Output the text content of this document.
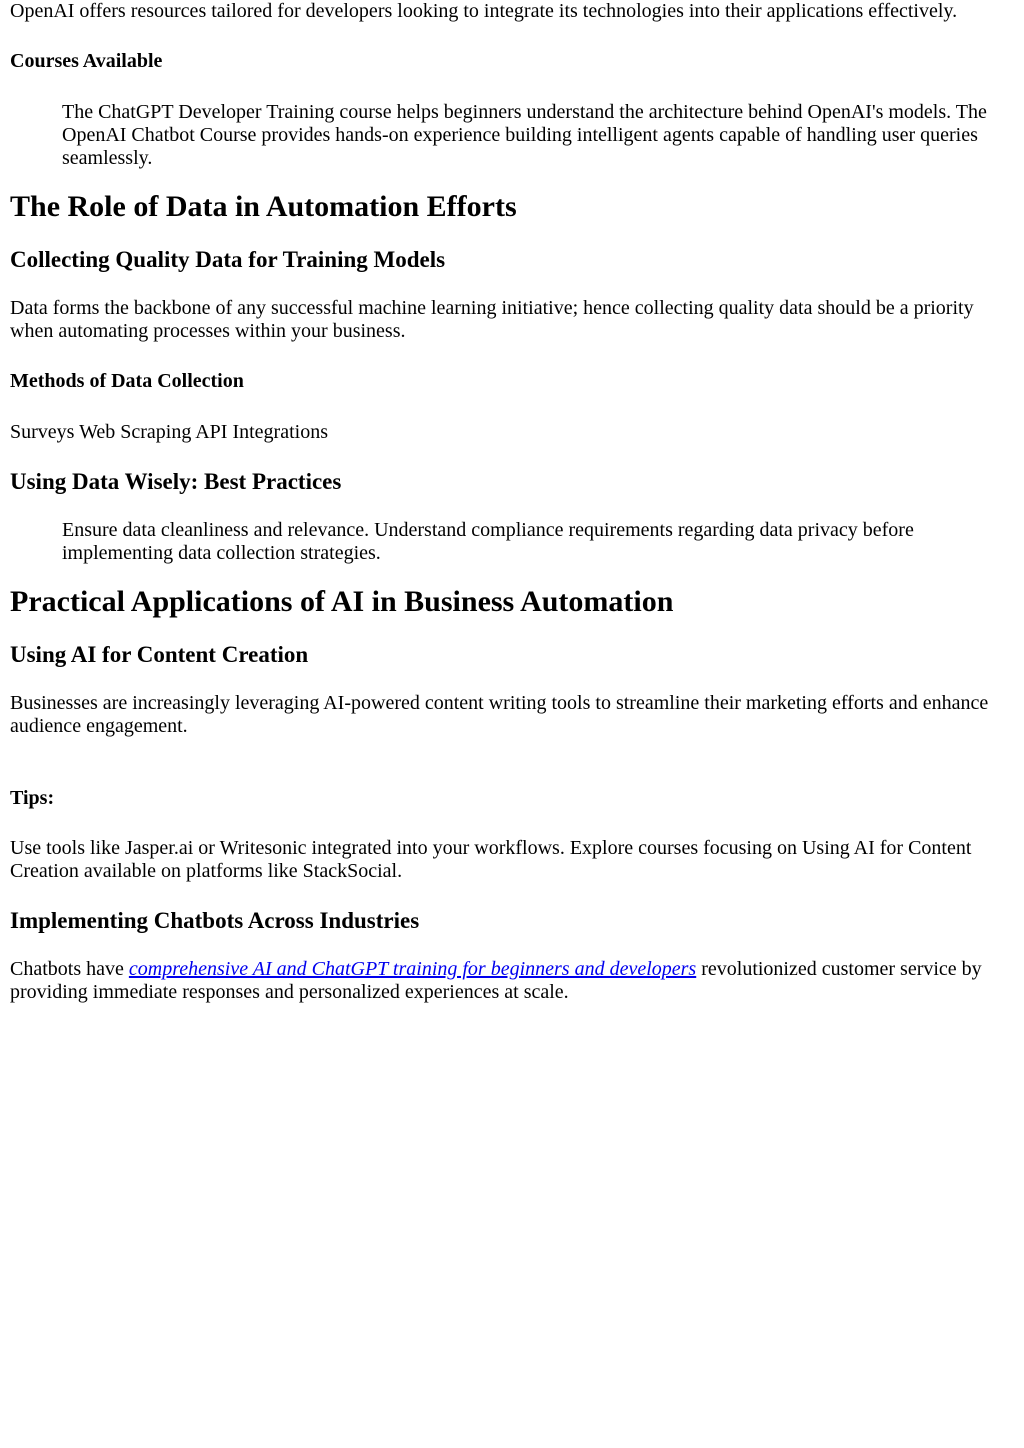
OpenAI offers resources tailored for developers looking to integrate its technologies into their applications effectively.

Courses Available
The ChatGPT Developer Training course helps beginners understand the architecture behind OpenAI's models. The OpenAI Chatbot Course provides hands-on experience building intelligent agents capable of handling user queries seamlessly.
The Role of Data in Automation Efforts
Collecting Quality Data for Training Models

Data forms the backbone of any successful machine learning initiative; hence collecting quality data should be a priority when automating processes within your business.

Methods of Data Collection

Surveys Web Scraping API Integrations

Using Data Wisely: Best Practices
Ensure data cleanliness and relevance. Understand compliance requirements regarding data privacy before implementing data collection strategies.
Practical Applications of AI in Business Automation
Using AI for Content Creation

Businesses are increasingly leveraging AI-powered content writing tools to streamline their marketing efforts and enhance audience engagement.

Tips:

Use tools like Jasper.ai or Writesonic integrated into your workflows. Explore courses focusing on Using AI for Content Creation available on platforms like StackSocial.

Implementing Chatbots Across Industries

Chatbots have comprehensive AI and ChatGPT training for beginners and developers revolutionized customer service by providing immediate responses and personalized experiences at scale.
